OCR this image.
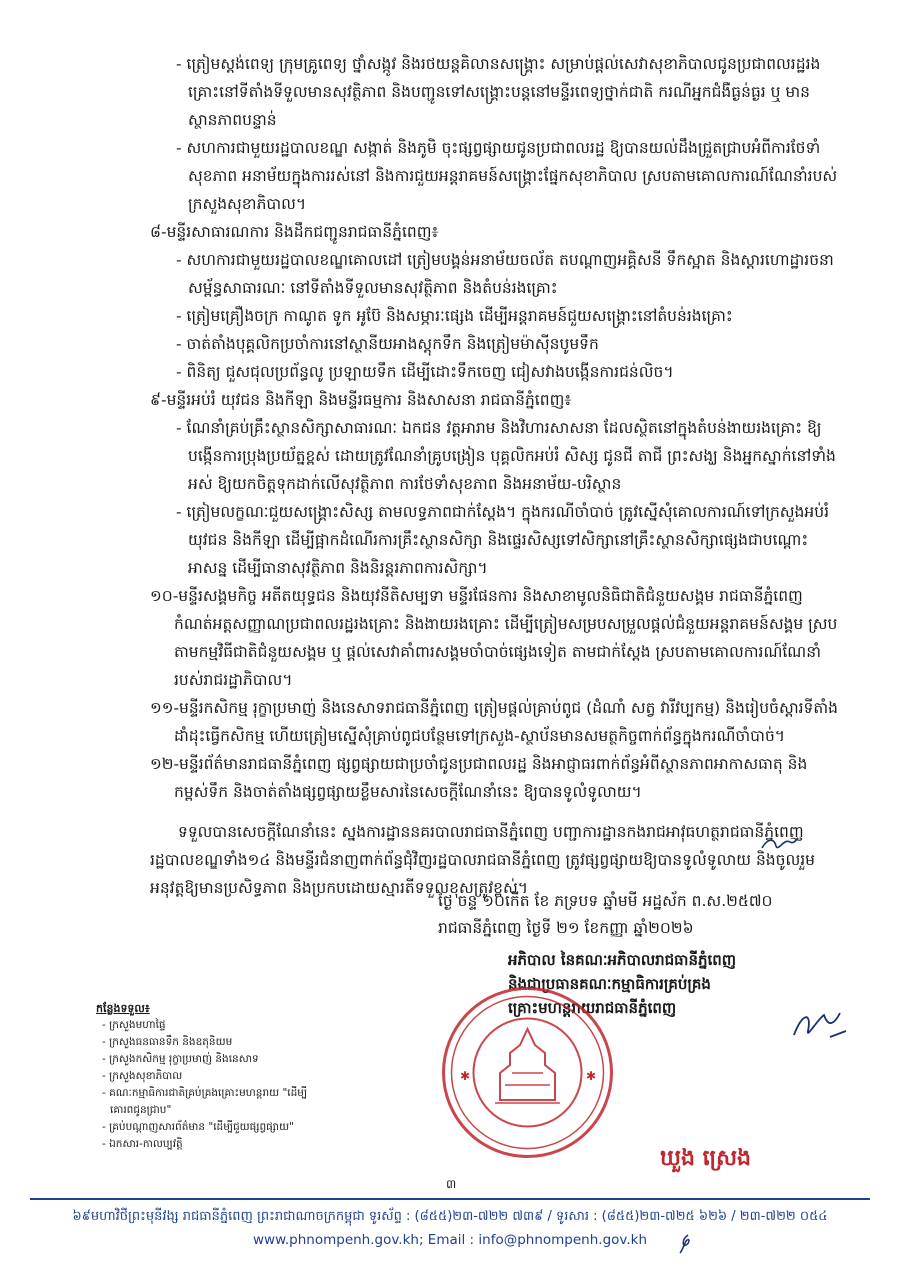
- ត្រៀមស្តង់ពេទ្យ ក្រុមគ្រូពេទ្យ ថ្នាំសង្កូវ និងរថយន្តគិលានសង្គ្រោះ សម្រាប់ផ្តល់សេវាសុខាភិបាលជូនប្រជាពលរដ្ឋរងគ្រោះនៅទីតាំងទីទួលមានសុវត្ថិភាព និងបញ្ជូនទៅសង្គ្រោះបន្តនៅមន្ទីរពេទ្យថ្នាក់ជាតិ ករណីអ្នកជំងឺធ្ងន់ធ្ងរ ឬ មានស្ថានភាពបន្ទាន់

- សហការជាមួយរដ្ឋបាលខណ្ឌ សង្កាត់ និងភូមិ ចុះផ្សព្វផ្សាយជូនប្រជាពលរដ្ឋ ឱ្យបានយល់ដឹងជ្រួតជ្រាបអំពីការថែទាំសុខភាព អនាម័យក្នុងការរស់នៅ និងការជួយអន្តរាគមន៍សង្គ្រោះផ្នែកសុខាភិបាល ស្របតាមគោលការណ៍ណែនាំរបស់ក្រសួងសុខាភិបាល។

៨-មន្ទីរសាធារណការ និងដឹកជញ្ជូនរាជធានីភ្នំពេញ៖

- សហការជាមួយរដ្ឋបាលខណ្ឌគោលដៅ ត្រៀមបង្គន់អនាម័យចល័ត តបណ្តាញអគ្គិសនី ទឹកស្អាត និងស្តារហោដ្ឋារចនាសម្ព័ន្ធសាធារណៈ នៅទីតាំងទីទួលមានសុវត្ថិភាព និងតំបន់រងគ្រោះ

- ត្រៀមគ្រឿងចក្រ កាណូត ទូក អូប៊ែ និងសម្ភារៈផ្សេង ដើម្បីអន្តរាគមន៍ជួយសង្គ្រោះនៅតំបន់រងគ្រោះ

- ចាត់តាំងបុគ្គលិកប្រចាំការនៅស្ថានីយអាងស្តុកទឹក និងត្រៀមម៉ាស៊ីនបូមទឹក

- ពិនិត្យ ជួសជុលប្រព័ន្ធលូ ប្រឡាយទឹក ដើម្បីដោះទឹកចេញ ជៀសវាងបង្កើនការជន់លិច។

៩-មន្ទីរអប់រំ យុវជន និងកីឡា និងមន្ទីរធម្មការ និងសាសនា រាជធានីភ្នំពេញ៖

- ណែនាំគ្រប់គ្រឹះស្ថានសិក្សាសាធារណៈ ឯកជន វត្តអារាម និងវិហារសាសនា ដែលស្ថិតនៅក្នុងតំបន់ងាយរងគ្រោះ ឱ្យបង្កើនការប្រុងប្រយ័ត្នខ្ពស់ ដោយត្រូវណែនាំគ្រូបង្រៀន បុគ្គលិកអប់រំ សិស្ស ជូនជី តាជី ព្រះសង្ឃ និងអ្នកស្នាក់នៅទាំងអស់ ឱ្យយកចិត្តទុកដាក់លើសុវត្ថិភាព ការថែទាំសុខភាព និងអនាម័យ-បរិស្ថាន

- ត្រៀមលក្ខណៈជួយសង្គ្រោះសិស្ស តាមលទ្ធភាពជាក់ស្តែង។ ក្នុងករណីចាំបាច់ ត្រូវស្នើសុំគោលការណ៍ទៅក្រសួងអប់រំ យុវជន និងកីឡា ដើម្បីផ្អាកដំណើរការគ្រឹះស្ថានសិក្សា និងផ្ទេរសិស្សទៅសិក្សានៅគ្រឹះស្ថានសិក្សាផ្សេងជាបណ្តោះអាសន្ន ដើម្បីធានាសុវត្ថិភាព និងនិរន្តរភាពការសិក្សា។

១០-មន្ទីរសង្គមកិច្ច អតីតយុទ្ធជន និងយុវនីតិសម្បទា មន្ទីរផែនការ និងសាខាមូលនិធិជាតិជំនួយសង្គម រាជធានីភ្នំពេញ កំណត់អត្តសញ្ញាណប្រជាពលរដ្ឋរងគ្រោះ និងងាយរងគ្រោះ ដើម្បីត្រៀមសម្របសម្រួលផ្តល់ជំនួយអន្តរាគមន៍សង្គម ស្របតាមកម្មវិធីជាតិជំនួយសង្គម ឬ ផ្តល់សេវាគាំពារសង្គមចាំបាច់ផ្សេងទៀត តាមជាក់ស្តែង ស្របតាមគោលការណ៍ណែនាំរបស់រាជរដ្ឋាភិបាល។

១១-មន្ទីរកសិកម្ម រុក្ខាប្រមាញ់ និងនេសាទរាជធានីភ្នំពេញ ត្រៀមផ្តល់គ្រាប់ពូជ (ដំណាំ សត្វ វារីវប្បកម្ម) និងរៀបចំស្តារទីតាំងដាំដុះធ្វើកសិកម្ម ហើយត្រៀមស្នើសុំគ្រាប់ពូជបន្ថែមទៅក្រសួង-ស្ថាប័នមានសមត្ថកិច្ចពាក់ព័ន្ធក្នុងករណីចាំបាច់។

១២-មន្ទីរព័ត៌មានរាជធានីភ្នំពេញ ផ្សព្វផ្សាយជាប្រចាំជូនប្រជាពលរដ្ឋ និងអាជ្ញាធរពាក់ព័ន្ធអំពីស្ថានភាពអាកាសធាតុ និងកម្ពស់ទឹក និងចាត់តាំងផ្សព្វផ្សាយខ្លឹមសារនៃសេចក្តីណែនាំនេះ ឱ្យបានទូលំទូលាយ។

ទទួលបានសេចក្តីណែនាំនេះ ស្នងការដ្ឋាននគរបាលរាជធានីភ្នំពេញ បញ្ជាការដ្ឋានកងរាជអាវុធហត្ថរាជធានីភ្នំពេញ រដ្ឋបាលខណ្ឌទាំង១៤ និងមន្ទីរជំនាញពាក់ព័ន្ធជុំវិញរដ្ឋបាលរាជធានីភ្នំពេញ ត្រូវផ្សព្វផ្សាយឱ្យបានទូលំទូលាយ និងចូលរួមអនុវត្តឱ្យមានប្រសិទ្ធភាព និងប្រកបដោយស្មារតីទទួលខុសត្រូវខ្ពស់។

ថ្ងៃ ចន្ទ ១០កើត ខែ ភទ្របទ ឆ្នាំមមី អដ្ឋស័ក ព.ស.២៥៧០
រាជធានីភ្នំពេញ ថ្ងៃទី ២១ ខែកញ្ញា ឆ្នាំ២០២៦
អភិបាល នៃគណៈអភិបាលរាជធានីភ្នំពេញ
និងជាប្រធានគណៈកម្មាធិការគ្រប់គ្រង
គ្រោះមហន្តរាយរាជធានីភ្នំពេញ
✱	✱
ឃួង ស្រេង
កន្លែងទទួល៖
- ក្រសួងមហាផ្ទៃ
- ក្រសួងធនធានទឹក និងឧតុនិយម
- ក្រសួងកសិកម្ម រុក្ខាប្រមាញ់ និងនេសាទ
- ក្រសួងសុខាភិបាល
- គណៈកម្មាធិការជាតិគ្រប់គ្រងគ្រោះមហន្តរាយ "ដើម្បីគោរពជូនជ្រាប"
- គ្រប់បណ្តាញសារព័ត៌មាន "ដើម្បីជួយផ្សព្វផ្សាយ"
- ឯកសារ-កាលប្បវត្តិ
៣
៦៩មហាវិថីព្រះមុនីវង្ស រាជធានីភ្នំពេញ ព្រះរាជាណាចក្រកម្ពុជា ទូរស័ព្ទ : (៨៥៥)២៣-៧២២ ៧៣៩ / ទូរសារ : (៨៥៥)២៣-៧២៥ ៦២៦ / ២៣-៧២២ ០៥៤
www.phnompenh.gov.kh; Email : info@phnompenh.gov.kh
